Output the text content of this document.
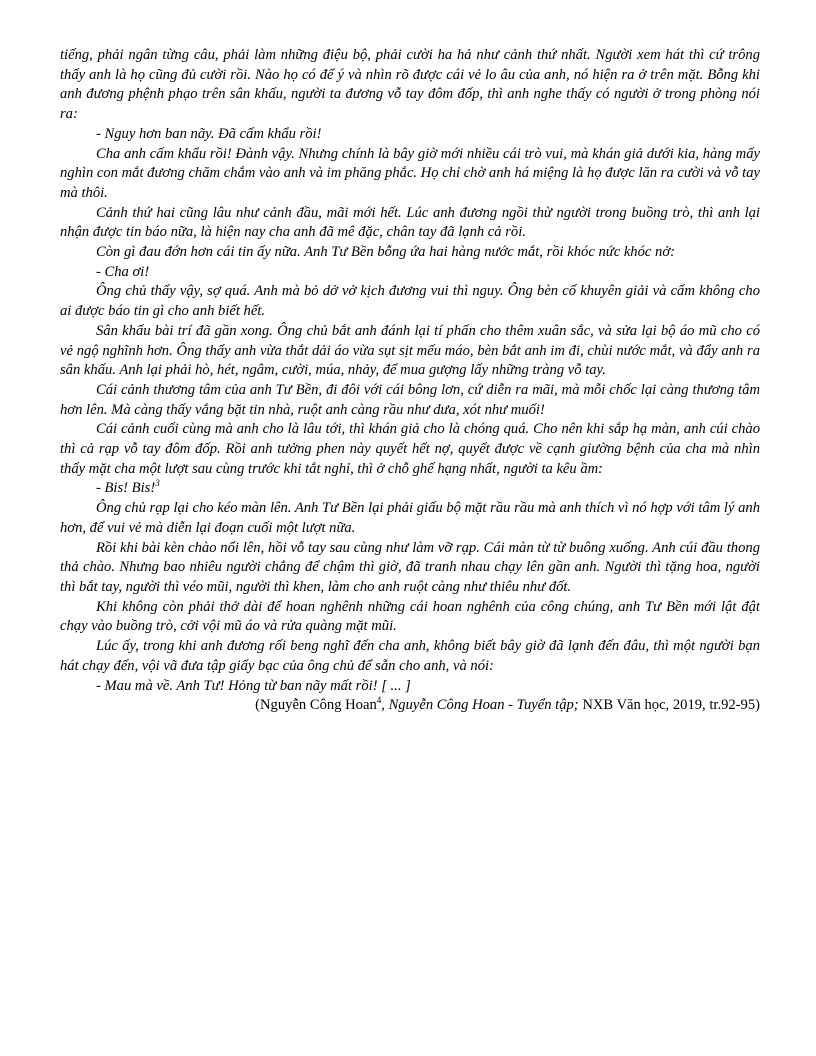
tiếng, phải ngân từng câu, phải làm những điệu bộ, phải cười ha hả như cảnh thứ nhất. Người xem hát thì cứ trông thấy anh là họ cũng đủ cười rồi. Nào họ có để ý và nhìn rõ được cái vẻ lo âu của anh, nó hiện ra ở trên mặt. Bỗng khi anh đương phệnh phạo trên sân khấu, người ta đương vỗ tay đôm đốp, thì anh nghe thấy có người ở trong phòng nói ra:

- Nguy hơn ban nãy. Đã cấm khẩu rồi!

Cha anh cấm khẩu rồi! Đành vậy. Nhưng chính là bây giờ mới nhiều cái trò vui, mà khán giả dưới kia, hàng mấy nghìn con mắt đương chăm chắm vào anh và im phăng phắc. Họ chỉ chờ anh há miệng là họ được lăn ra cười và vỗ tay mà thôi.

Cảnh thứ hai cũng lâu như cảnh đầu, mãi mới hết. Lúc anh đương ngồi thừ người trong buồng trò, thì anh lại nhận được tin báo nữa, là hiện nay cha anh đã mê đặc, chân tay đã lạnh cả rồi.

Còn gì đau đớn hơn cái tin ấy nữa. Anh Tư Bền bỗng ứa hai hàng nước mắt, rồi khóc nức khóc nở:

- Cha ơi!

Ông chủ thấy vậy, sợ quá. Anh mà bỏ dở vở kịch đương vui thì nguy. Ông bèn cố khuyên giải và cấm không cho ai được báo tin gì cho anh biết hết.

Sân khấu bài trí đã gần xong. Ông chủ bắt anh đánh lại tí phấn cho thêm xuân sắc, và sửa lại bộ áo mũ cho có vẻ ngộ nghĩnh hơn. Ông thấy anh vừa thắt dải áo vừa sụt sịt mếu máo, bèn bắt anh im đi, chùi nước mắt, và đẩy anh ra sân khấu. Anh lại phải hò, hét, ngâm, cười, múa, nhảy, để mua gượng lấy những tràng vỗ tay.

Cái cảnh thương tâm của anh Tư Bền, đi đôi với cái bông lơn, cứ diễn ra mãi, mà mỗi chốc lại càng thương tâm hơn lên. Mà càng thấy vắng bặt tin nhà, ruột anh càng rầu như dưa, xót như muối!

Cái cảnh cuối cùng mà anh cho là lâu tới, thì khán giả cho là chóng quá. Cho nên khi sắp hạ màn, anh cúi chào thì cả rạp vỗ tay đôm đốp. Rồi anh tưởng phen này quyết hết nợ, quyết được về cạnh giường bệnh của cha mà nhìn thấy mặt cha một lượt sau cùng trước khi tắt nghỉ, thì ở chỗ ghế hạng nhất, người ta kêu ầm:

- Bis! Bis!$^3$

Ông chủ rạp lại cho kéo màn lên. Anh Tư Bền lại phải giấu bộ mặt rầu rầu mà anh thích vì nó hợp với tâm lý anh hơn, để vui vẻ mà diễn lại đoạn cuối một lượt nữa.

Rồi khi bài kèn chào nổi lên, hồi vỗ tay sau cùng như làm vỡ rạp. Cái màn từ từ buông xuống. Anh cúi đầu thong thả chào. Nhưng bao nhiêu người chẳng để chậm thì giờ, đã tranh nhau chạy lên gần anh. Người thì tặng hoa, người thì bắt tay, người thì véo mũi, người thì khen, làm cho anh ruột càng như thiêu như đốt.

Khi không còn phải thở dài để hoan nghênh những cái hoan nghênh của công chúng, anh Tư Bền mới lật đật chạy vào buồng trò, cởi vội mũ áo và rửa quàng mặt mũi.

Lúc ấy, trong khi anh đương rối beng nghĩ đến cha anh, không biết bây giờ đã lạnh đến đâu, thì một người bạn hát chạy đến, vội vã đưa tập giấy bạc của ông chủ để sẵn cho anh, và nói:

- Mau mà về. Anh Tư! Hỏng từ ban nãy mất rồi! [ ... ]

(Nguyễn Công Hoan$^4$, Nguyễn Công Hoan - Tuyển tập; NXB Văn học, 2019, tr.92-95)
